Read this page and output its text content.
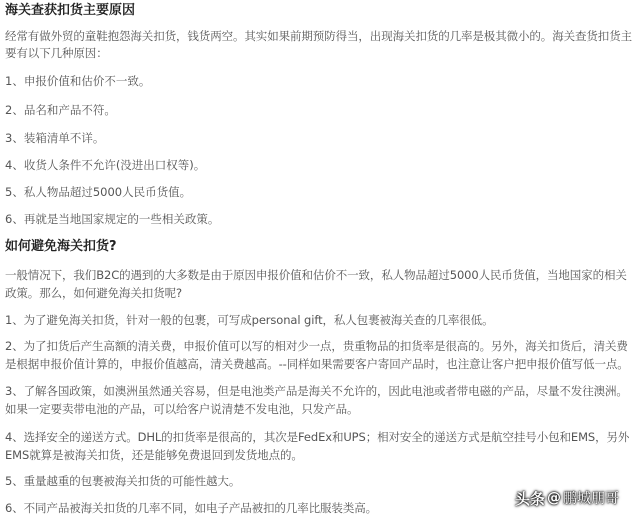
海关查获扣货主要原因
经常有做外贸的童鞋抱怨海关扣货，钱货两空。其实如果前期预防得当，出现海关扣货的几率是极其微小的。海关查货扣货主要有以下几种原因：
1、申报价值和估价不一致。
2、品名和产品不符。
3、装箱清单不详。
4、收货人条件不允许(没进出口权等)。
5、私人物品超过5000人民币货值。
6、再就是当地国家规定的一些相关政策。
如何避免海关扣货?
一般情况下，我们B2C的遇到的大多数是由于原因申报价值和估价不一致，私人物品超过5000人民币货值，当地国家的相关政策。那么，如何避免海关扣货呢?
1、为了避免海关扣货，针对一般的包裹，可写成personal gift，私人包裹被海关查的几率很低。
2、为了扣货后产生高额的清关费，申报价值可以写的相对少一点，贵重物品的扣货率是很高的。另外，海关扣货后，清关费是根据申报价值计算的，申报价值越高，清关费越高。--同样如果需要客户寄回产品时，也注意让客户把申报价值写低一点。
3、了解各国政策，如澳洲虽然通关容易，但是电池类产品是海关不允许的，因此电池或者带电磁的产品，尽量不发往澳洲。如果一定要卖带电池的产品，可以给客户说清楚不发电池，只发产品。
4、选择安全的递送方式。DHL的扣货率是很高的，其次是FedEx和UPS；相对安全的递送方式是航空挂号小包和EMS，另外EMS就算是被海关扣货，还是能够免费退回到发货地点的。
5、重量越重的包裹被海关扣货的可能性越大。
6、不同产品被海关扣货的几率不同，如电子产品被扣的几率比服装类高。
头条 @ 鹏城朋哥
